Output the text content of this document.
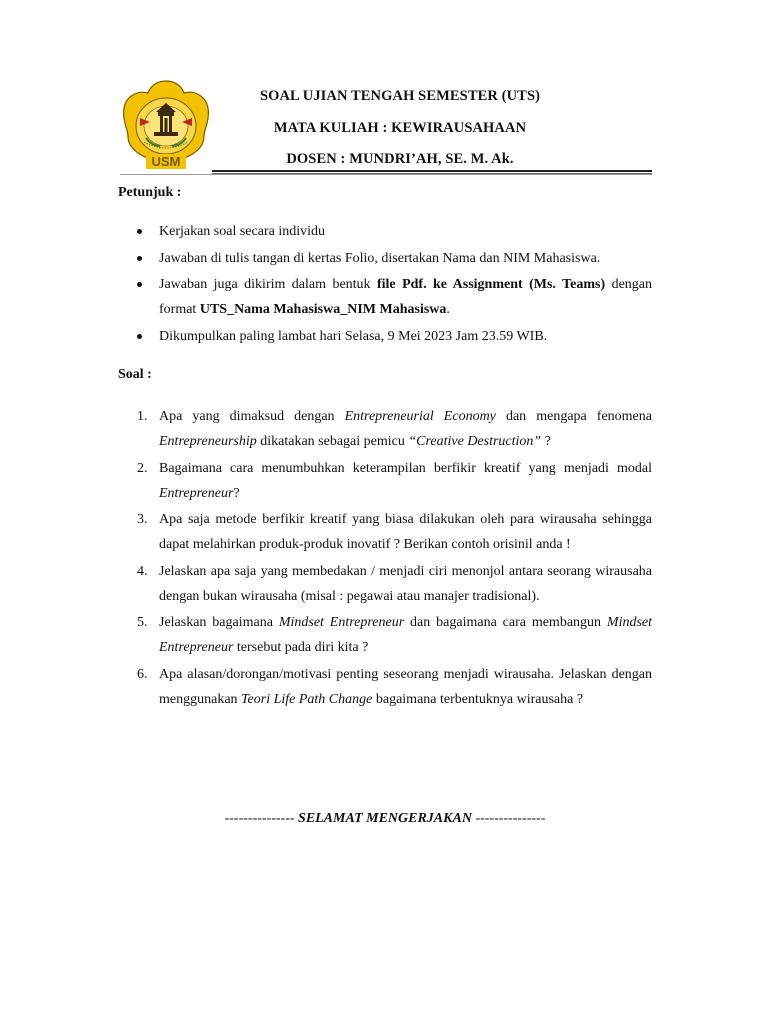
USM
SOAL UJIAN TENGAH SEMESTER (UTS)
MATA KULIAH : KEWIRAUSAHAAN
DOSEN : MUNDRI’AH, SE. M. Ak.
Petunjuk :
Kerjakan soal secara individu
Jawaban di tulis tangan di kertas Folio, disertakan Nama dan NIM Mahasiswa.
Jawaban juga dikirim dalam bentuk file Pdf. ke Assignment (Ms. Teams) dengan format UTS_Nama Mahasiswa_NIM Mahasiswa.
Dikumpulkan paling lambat hari Selasa, 9 Mei 2023 Jam 23.59 WIB.
Soal :
1. Apa yang dimaksud dengan Entrepreneurial Economy dan mengapa fenomena Entrepreneurship dikatakan sebagai pemicu “Creative Destruction” ?
2. Bagaimana cara menumbuhkan keterampilan berfikir kreatif yang menjadi modal Entrepreneur?
3. Apa saja metode berfikir kreatif yang biasa dilakukan oleh para wirausaha sehingga dapat melahirkan produk-produk inovatif ? Berikan contoh orisinil anda !
4. Jelaskan apa saja yang membedakan / menjadi ciri menonjol antara seorang wirausaha dengan bukan wirausaha (misal : pegawai atau manajer tradisional).
5. Jelaskan bagaimana Mindset Entrepreneur dan bagaimana cara membangun Mindset Entrepreneur tersebut pada diri kita ?
6. Apa alasan/dorongan/motivasi penting seseorang menjadi wirausaha. Jelaskan dengan menggunakan Teori Life Path Change bagaimana terbentuknya wirausaha ?
--------------- SELAMAT MENGERJAKAN ---------------
